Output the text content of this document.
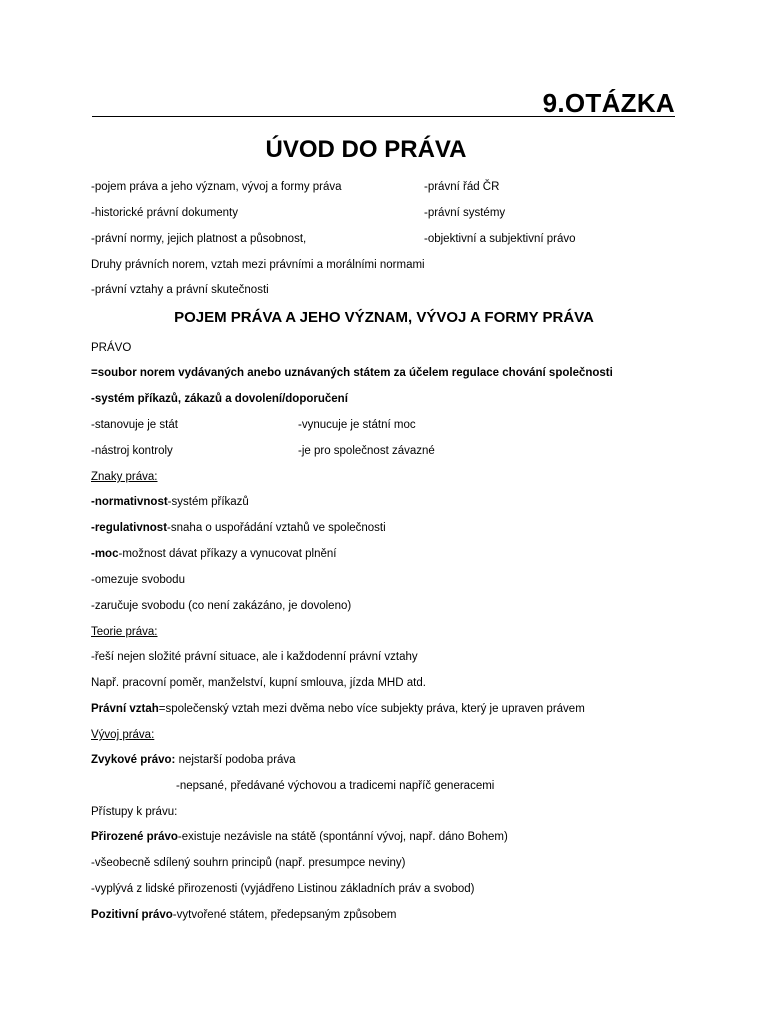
9.OTÁZKA
ÚVOD DO PRÁVA
-pojem práva a jeho význam, vývoj a formy práva	-právní řád ČR
-historické právní dokumenty	-právní systémy
-právní normy, jejich platnost a působnost,	-objektivní a subjektivní právo
Druhy právních norem, vztah mezi právními a morálními normami
-právní vztahy a právní skutečnosti
POJEM PRÁVA A JEHO VÝZNAM, VÝVOJ A FORMY PRÁVA
PRÁVO
=soubor norem vydávaných anebo uznávaných státem za účelem regulace chování společnosti
-systém příkazů, zákazů a dovolení/doporučení
-stanovuje je stát	-vynucuje je státní moc
-nástroj kontroly	-je pro společnost závazné
Znaky práva:
-normativnost-systém příkazů
-regulativnost-snaha o uspořádání vztahů ve společnosti
-moc-možnost dávat příkazy a vynucovat plnění
-omezuje svobodu
-zaručuje svobodu (co není zakázáno, je dovoleno)
Teorie práva:
-řeší nejen složité právní situace, ale i každodenní právní vztahy
Např. pracovní poměr, manželství, kupní smlouva, jízda MHD atd.
Právní vztah=společenský vztah mezi dvěma nebo více subjekty práva, který je upraven právem
Vývoj práva:
Zvykové právo: nejstarší podoba práva
-nepsané, předávané výchovou a tradicemi napříč generacemi
Přístupy k právu:
Přirozené právo-existuje nezávisle na státě (spontánní vývoj, např. dáno Bohem)
-všeobecně sdílený souhrn principů (např. presumpce neviny)
-vyplývá z lidské přirozenosti (vyjádřeno Listinou základních práv a svobod)
Pozitivní právo-vytvořené státem, předepsaným způsobem
